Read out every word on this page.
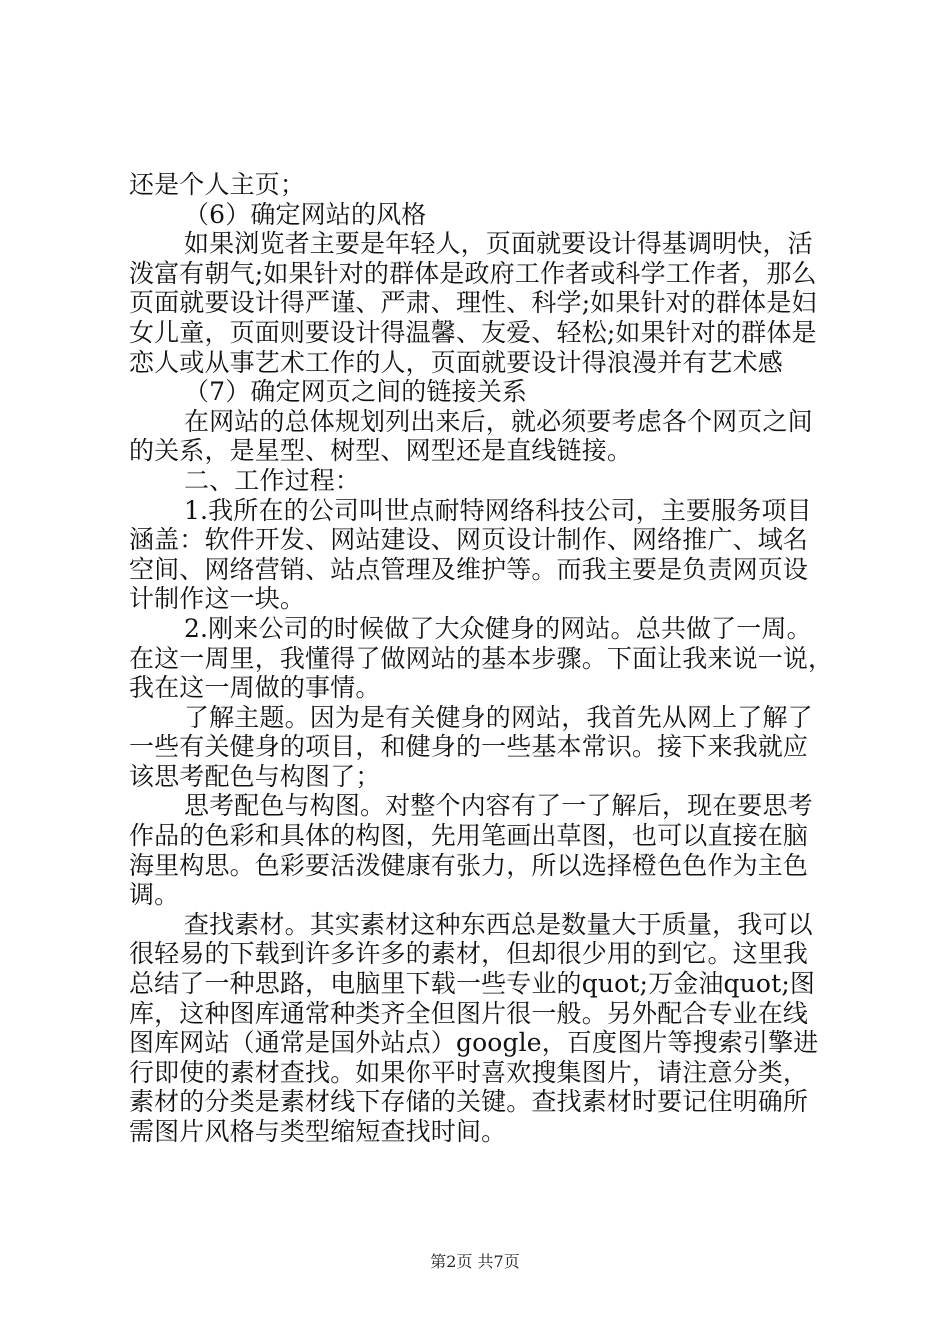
还是个人主页；
（6）确定网站的风格
如果浏览者主要是年轻人，页面就要设计得基调明快，活
泼富有朝气;如果针对的群体是政府工作者或科学工作者，那么
页面就要设计得严谨、严肃、理性、科学;如果针对的群体是妇
女儿童，页面则要设计得温馨、友爱、轻松;如果针对的群体是
恋人或从事艺术工作的人，页面就要设计得浪漫并有艺术感
（7）确定网页之间的链接关系
在网站的总体规划列出来后，就必须要考虑各个网页之间
的关系，是星型、树型、网型还是直线链接。
二、工作过程：
1.我所在的公司叫世点耐特网络科技公司，主要服务项目
涵盖：软件开发、网站建设、网页设计制作、网络推广、域名
空间、网络营销、站点管理及维护等。而我主要是负责网页设
计制作这一块。
2.刚来公司的时候做了大众健身的网站。总共做了一周。
在这一周里，我懂得了做网站的基本步骤。下面让我来说一说，
我在这一周做的事情。
了解主题。因为是有关健身的网站，我首先从网上了解了
一些有关健身的项目，和健身的一些基本常识。接下来我就应
该思考配色与构图了；
思考配色与构图。对整个内容有了一了解后，现在要思考
作品的色彩和具体的构图，先用笔画出草图，也可以直接在脑
海里构思。色彩要活泼健康有张力，所以选择橙色色作为主色
调。
查找素材。其实素材这种东西总是数量大于质量，我可以
很轻易的下载到许多许多的素材，但却很少用的到它。这里我
总结了一种思路，电脑里下载一些专业的quot;万金油quot;图
库，这种图库通常种类齐全但图片很一般。另外配合专业在线
图库网站（通常是国外站点）google，百度图片等搜索引擎进
行即使的素材查找。如果你平时喜欢搜集图片，请注意分类，
素材的分类是素材线下存储的关键。查找素材时要记住明确所
需图片风格与类型缩短查找时间。
第2页 共7页
